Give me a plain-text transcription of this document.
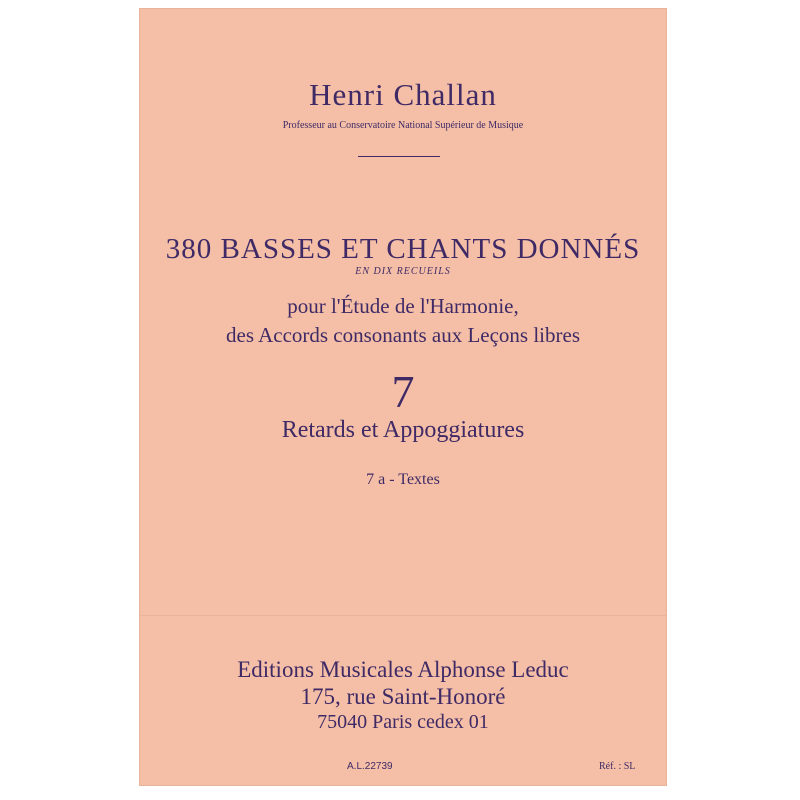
Henri Challan

Professeur au Conservatoire National Supérieur de Musique

380 BASSES ET CHANTS DONNÉS

EN DIX RECUEILS

pour l'Étude de l'Harmonie,

des Accords consonants aux Leçons libres

7

Retards et Appoggiatures

7 a - Textes

Editions Musicales Alphonse Leduc

175, rue Saint-Honoré

75040 Paris cedex 01

A.L.22739	Réf. : SL
